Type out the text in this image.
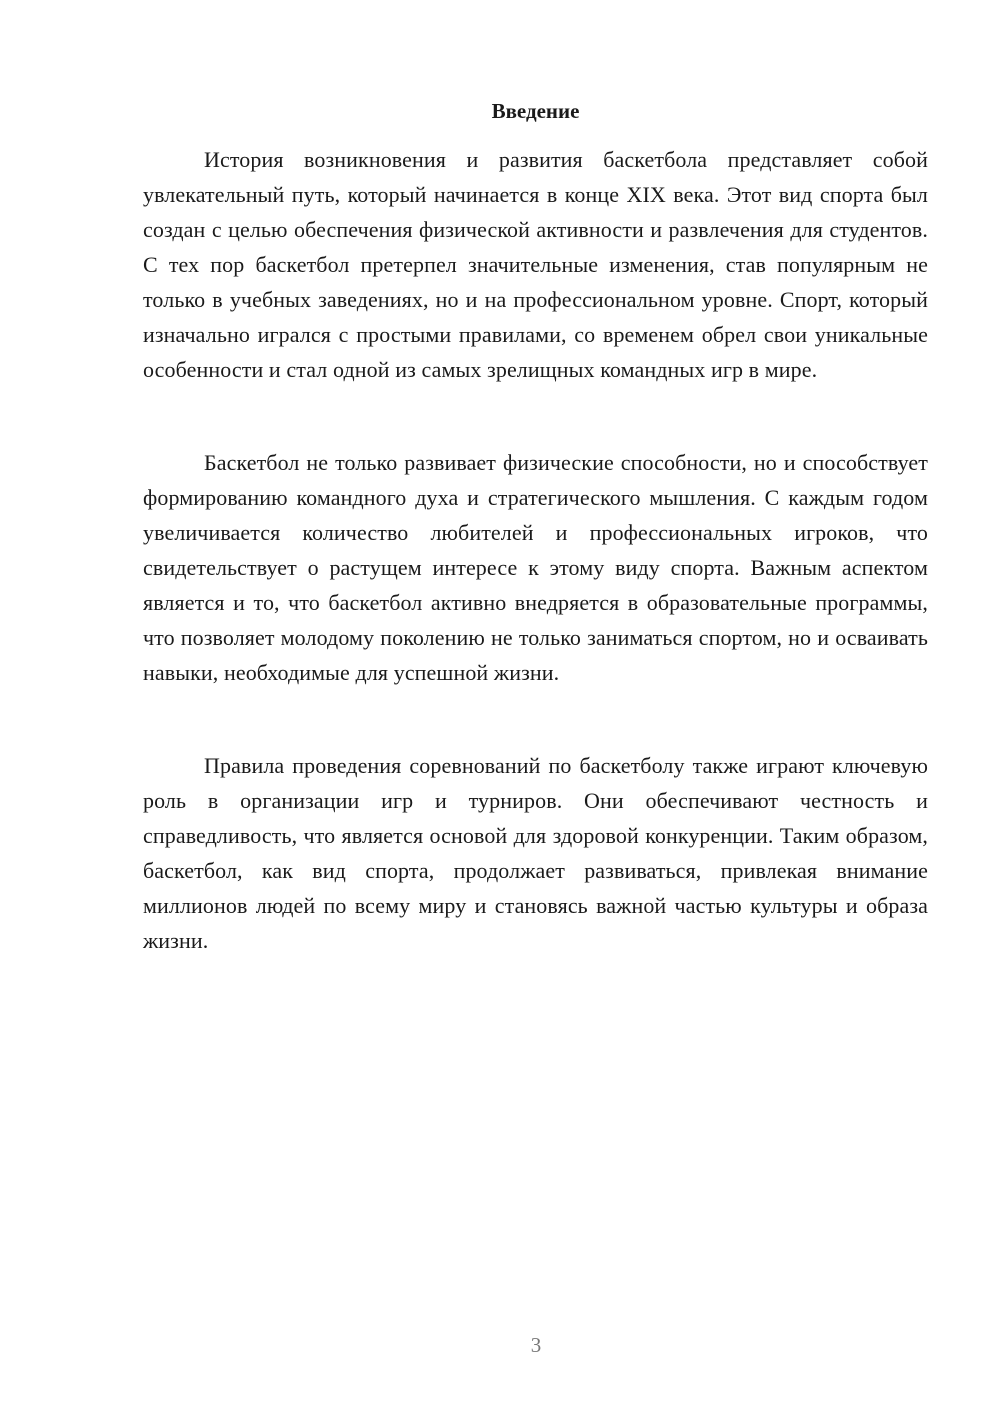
Введение

История возникновения и развития баскетбола представляет собой увлекательный путь, который начинается в конце XIX века. Этот вид спорта был создан с целью обеспечения физической активности и развлечения для студентов. С тех пор баскетбол претерпел значительные изменения, став популярным не только в учебных заведениях, но и на профессиональном уровне. Спорт, который изначально игрался с простыми правилами, со временем обрел свои уникальные особенности и стал одной из самых зрелищных командных игр в мире.

Баскетбол не только развивает физические способности, но и способствует формированию командного духа и стратегического мышления. С каждым годом увеличивается количество любителей и профессиональных игроков, что свидетельствует о растущем интересе к этому виду спорта. Важным аспектом является и то, что баскетбол активно внедряется в образовательные программы, что позволяет молодому поколению не только заниматься спортом, но и осваивать навыки, необходимые для успешной жизни.

Правила проведения соревнований по баскетболу также играют ключевую роль в организации игр и турниров. Они обеспечивают честность и справедливость, что является основой для здоровой конкуренции. Таким образом, баскетбол, как вид спорта, продолжает развиваться, привлекая внимание миллионов людей по всему миру и становясь важной частью культуры и образа жизни.

3
